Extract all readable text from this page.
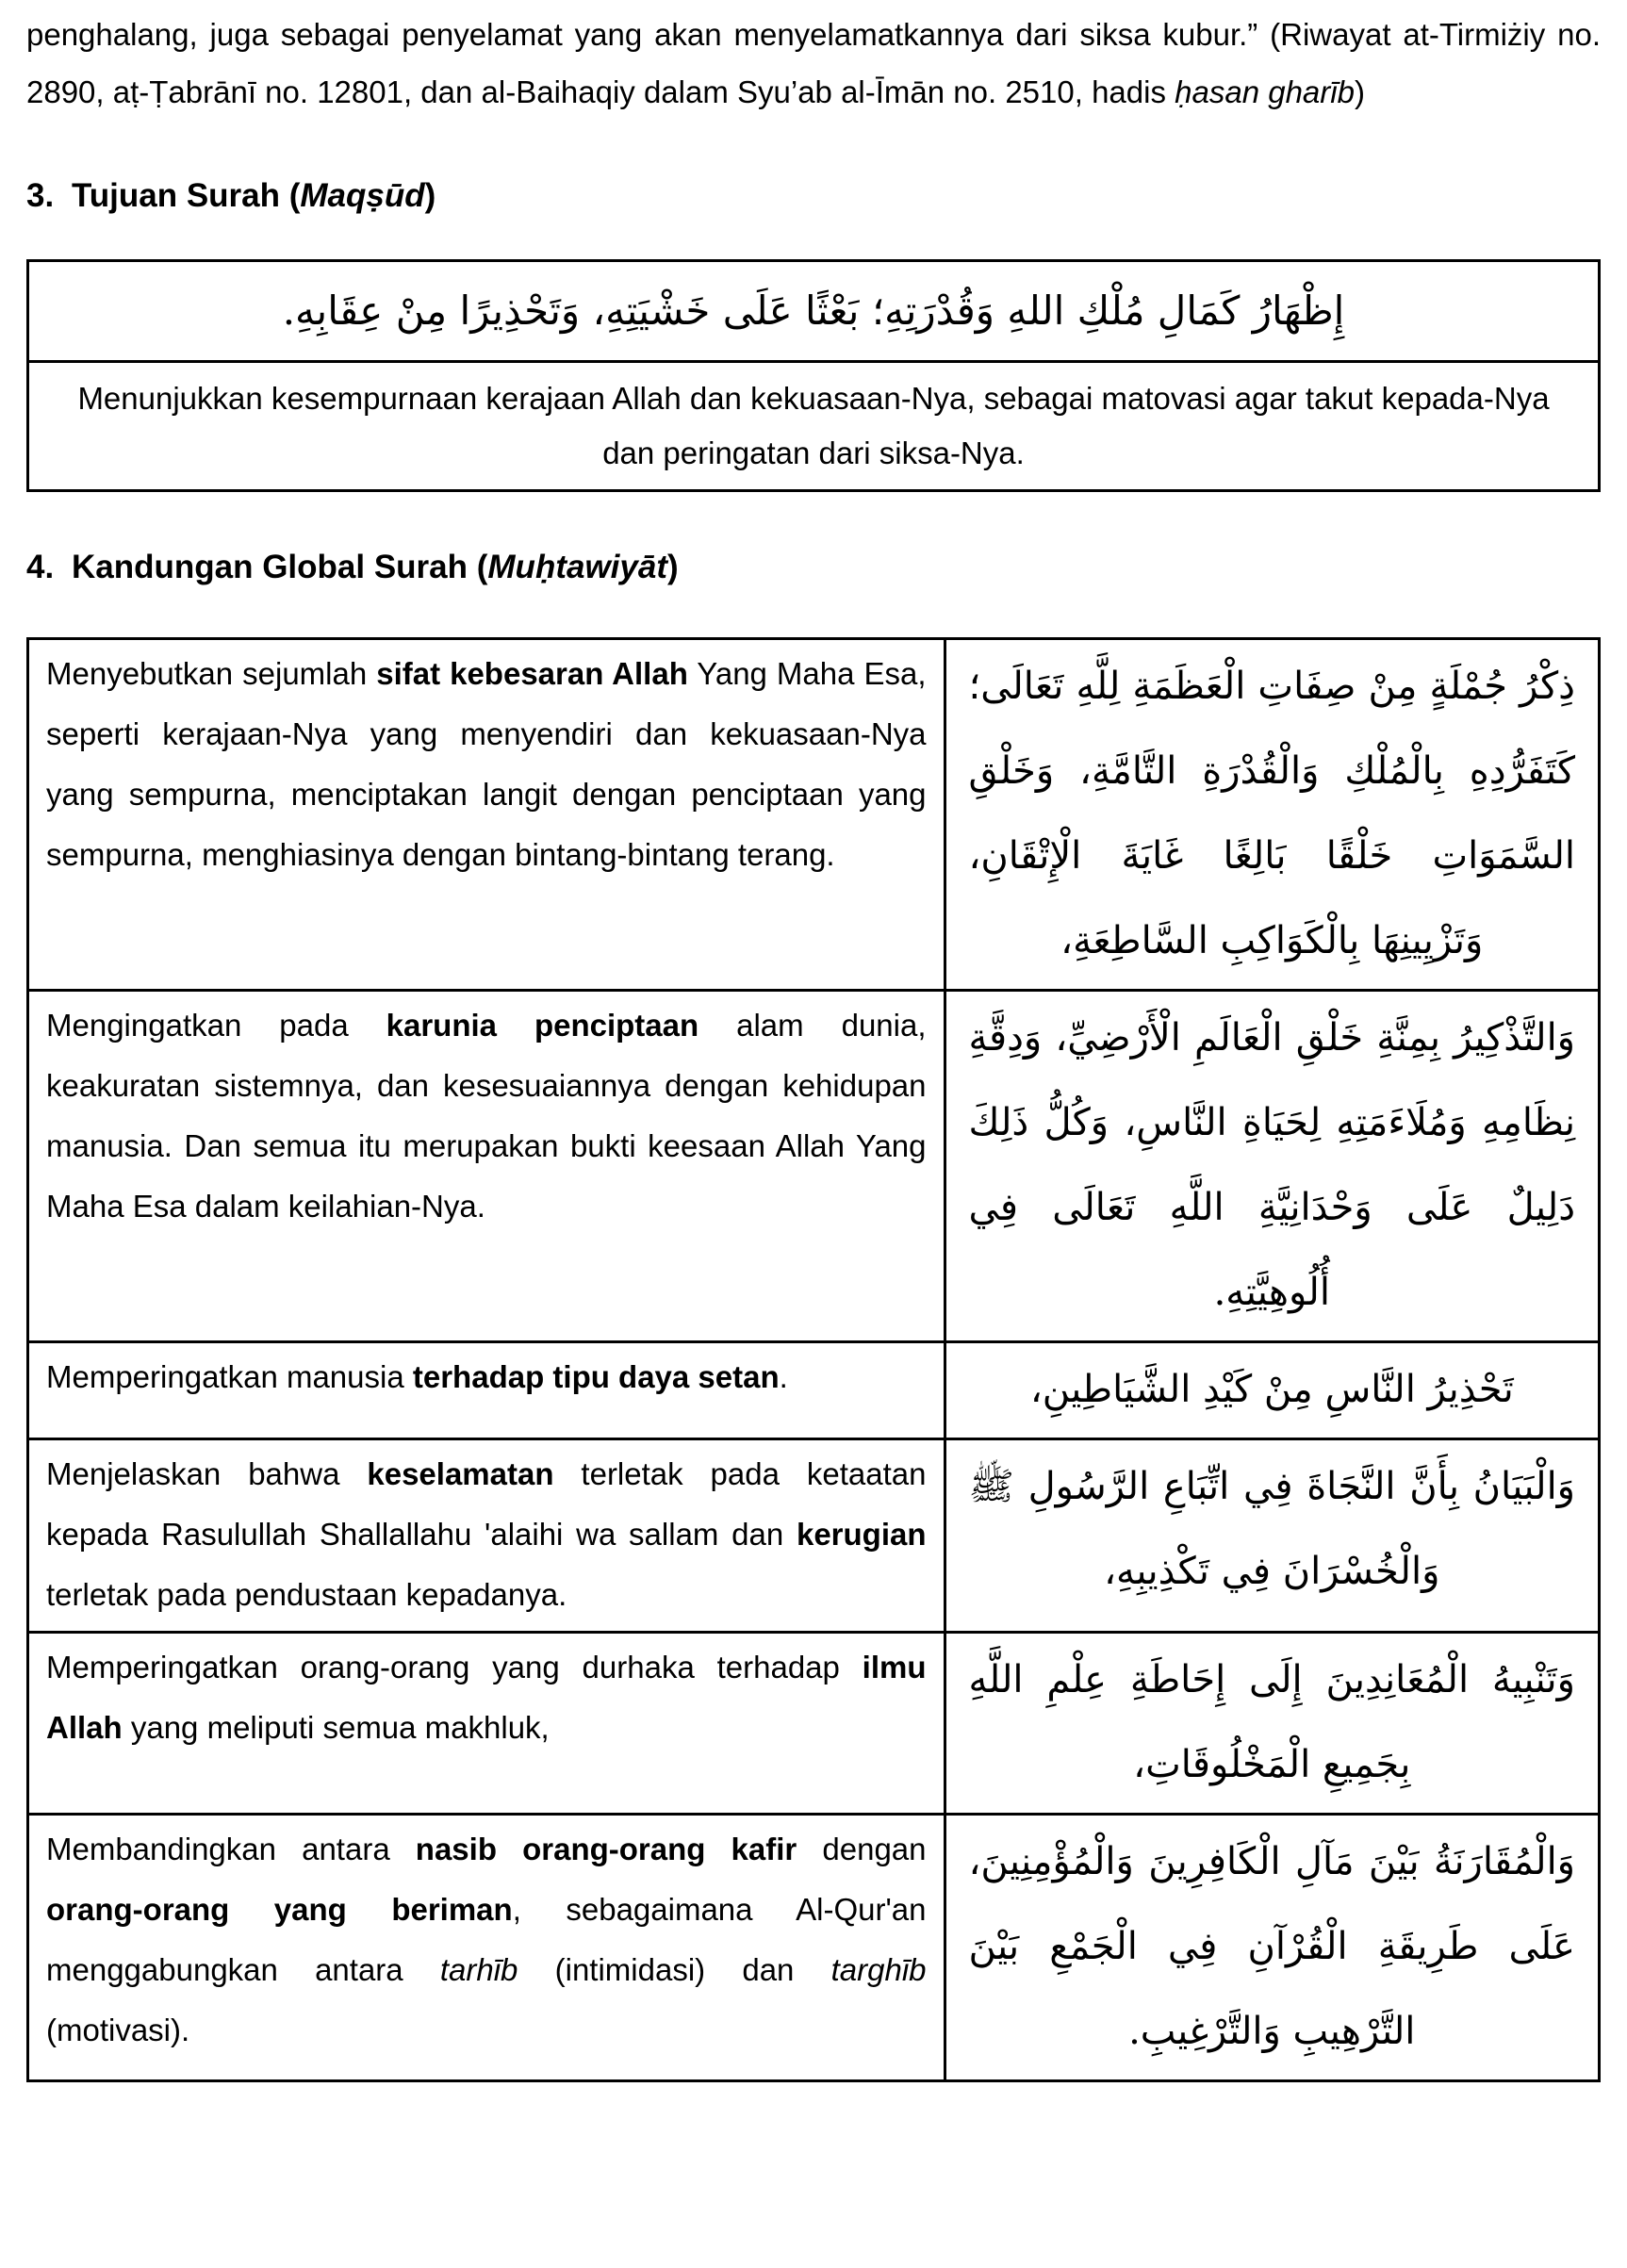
penghalang, juga sebagai penyelamat yang akan menyelamatkannya dari siksa kubur.” (Riwayat at-Tirmiżiy no. 2890, aṭ-Ṭabrānī no. 12801, dan al-Baihaqiy dalam Syu’ab al-Īmān no. 2510, hadis ḥasan gharīb)

3. Tujuan Surah (Maqṣūd)
إِظْهَارُ كَمَالِ مُلْكِ اللهِ وَقُدْرَتِهِ؛ بَعْثًا عَلَى خَشْيَتِهِ، وَتَحْذِيرًا مِنْ عِقَابِهِ.
Menunjukkan kesempurnaan kerajaan Allah dan kekuasaan-Nya, sebagai matovasi agar takut kepada-Nya dan peringatan dari siksa-Nya.
4. Kandungan Global Surah (Muḥtawiyāt)
Menyebutkan sejumlah sifat kebesaran Allah Yang Maha Esa, seperti kerajaan-Nya yang menyendiri dan kekuasaan-Nya yang sempurna, menciptakan langit dengan penciptaan yang sempurna, menghiasinya dengan bintang-bintang terang.	ذِكْرُ جُمْلَةٍ مِنْ صِفَاتِ الْعَظَمَةِ لِلَّهِ تَعَالَى؛ كَتَفَرُّدِهِ بِالْمُلْكِ وَالْقُدْرَةِ التَّامَّةِ، وَخَلْقِ السَّمَوَاتِ خَلْقًا بَالِغًا غَايَةَ الْإِتْقَانِ، وَتَزْيِينِهَا بِالْكَوَاكِبِ السَّاطِعَةِ،
Mengingatkan pada karunia penciptaan alam dunia, keakuratan sistemnya, dan kesesuaiannya dengan kehidupan manusia. Dan semua itu merupakan bukti keesaan Allah Yang Maha Esa dalam keilahian-Nya.	وَالتَّذْكِيرُ بِمِنَّةِ خَلْقِ الْعَالَمِ الْأَرْضِيِّ، وَدِقَّةِ نِظَامِهِ وَمُلَاءَمَتِهِ لِحَيَاةِ النَّاسِ، وَكُلُّ ذَلِكَ دَلِيلٌ عَلَى وَحْدَانِيَّةِ اللَّهِ تَعَالَى فِي أُلُوهِيَّتِهِ.
Memperingatkan manusia terhadap tipu daya setan.	تَحْذِيرُ النَّاسِ مِنْ كَيْدِ الشَّيَاطِينِ،
Menjelaskan bahwa keselamatan terletak pada ketaatan kepada Rasulullah Shallallahu 'alaihi wa sallam dan kerugian terletak pada pendustaan kepadanya.	وَالْبَيَانُ بِأَنَّ النَّجَاةَ فِي اتِّبَاعِ الرَّسُولِ ﷺ وَالْخُسْرَانَ فِي تَكْذِيبِهِ،
Memperingatkan orang-orang yang durhaka terhadap ilmu Allah yang meliputi semua makhluk,	وَتَنْبِيهُ الْمُعَانِدِينَ إِلَى إِحَاطَةِ عِلْمِ اللَّهِ بِجَمِيعِ الْمَخْلُوقَاتِ،
Membandingkan antara nasib orang-orang kafir dengan orang-orang yang beriman, sebagaimana Al-Qur'an menggabungkan antara tarhīb (intimidasi) dan targhīb (motivasi).	وَالْمُقَارَنَةُ بَيْنَ مَآلِ الْكَافِرِينَ وَالْمُؤْمِنِينَ، عَلَى طَرِيقَةِ الْقُرْآنِ فِي الْجَمْعِ بَيْنَ التَّرْهِيبِ وَالتَّرْغِيبِ.
